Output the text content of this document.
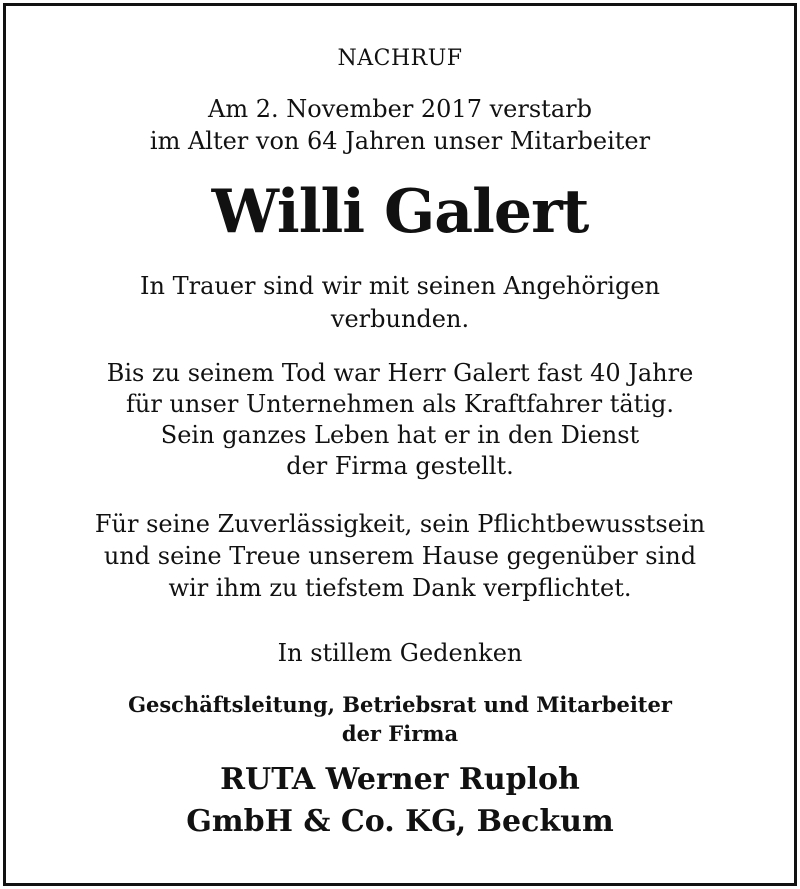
NACHRUF
Am 2. November 2017 verstarb
im Alter von 64 Jahren unser Mitarbeiter
Willi Galert
In Trauer sind wir mit seinen Angehörigen
verbunden.
Bis zu seinem Tod war Herr Galert fast 40 Jahre
für unser Unternehmen als Kraftfahrer tätig.
Sein ganzes Leben hat er in den Dienst
der Firma gestellt.
Für seine Zuverlässigkeit, sein Pflichtbewusstsein
und seine Treue unserem Hause gegenüber sind
wir ihm zu tiefstem Dank verpflichtet.
In stillem Gedenken
Geschäftsleitung, Betriebsrat und Mitarbeiter
der Firma
RUTA Werner Ruploh
GmbH & Co. KG, Beckum
